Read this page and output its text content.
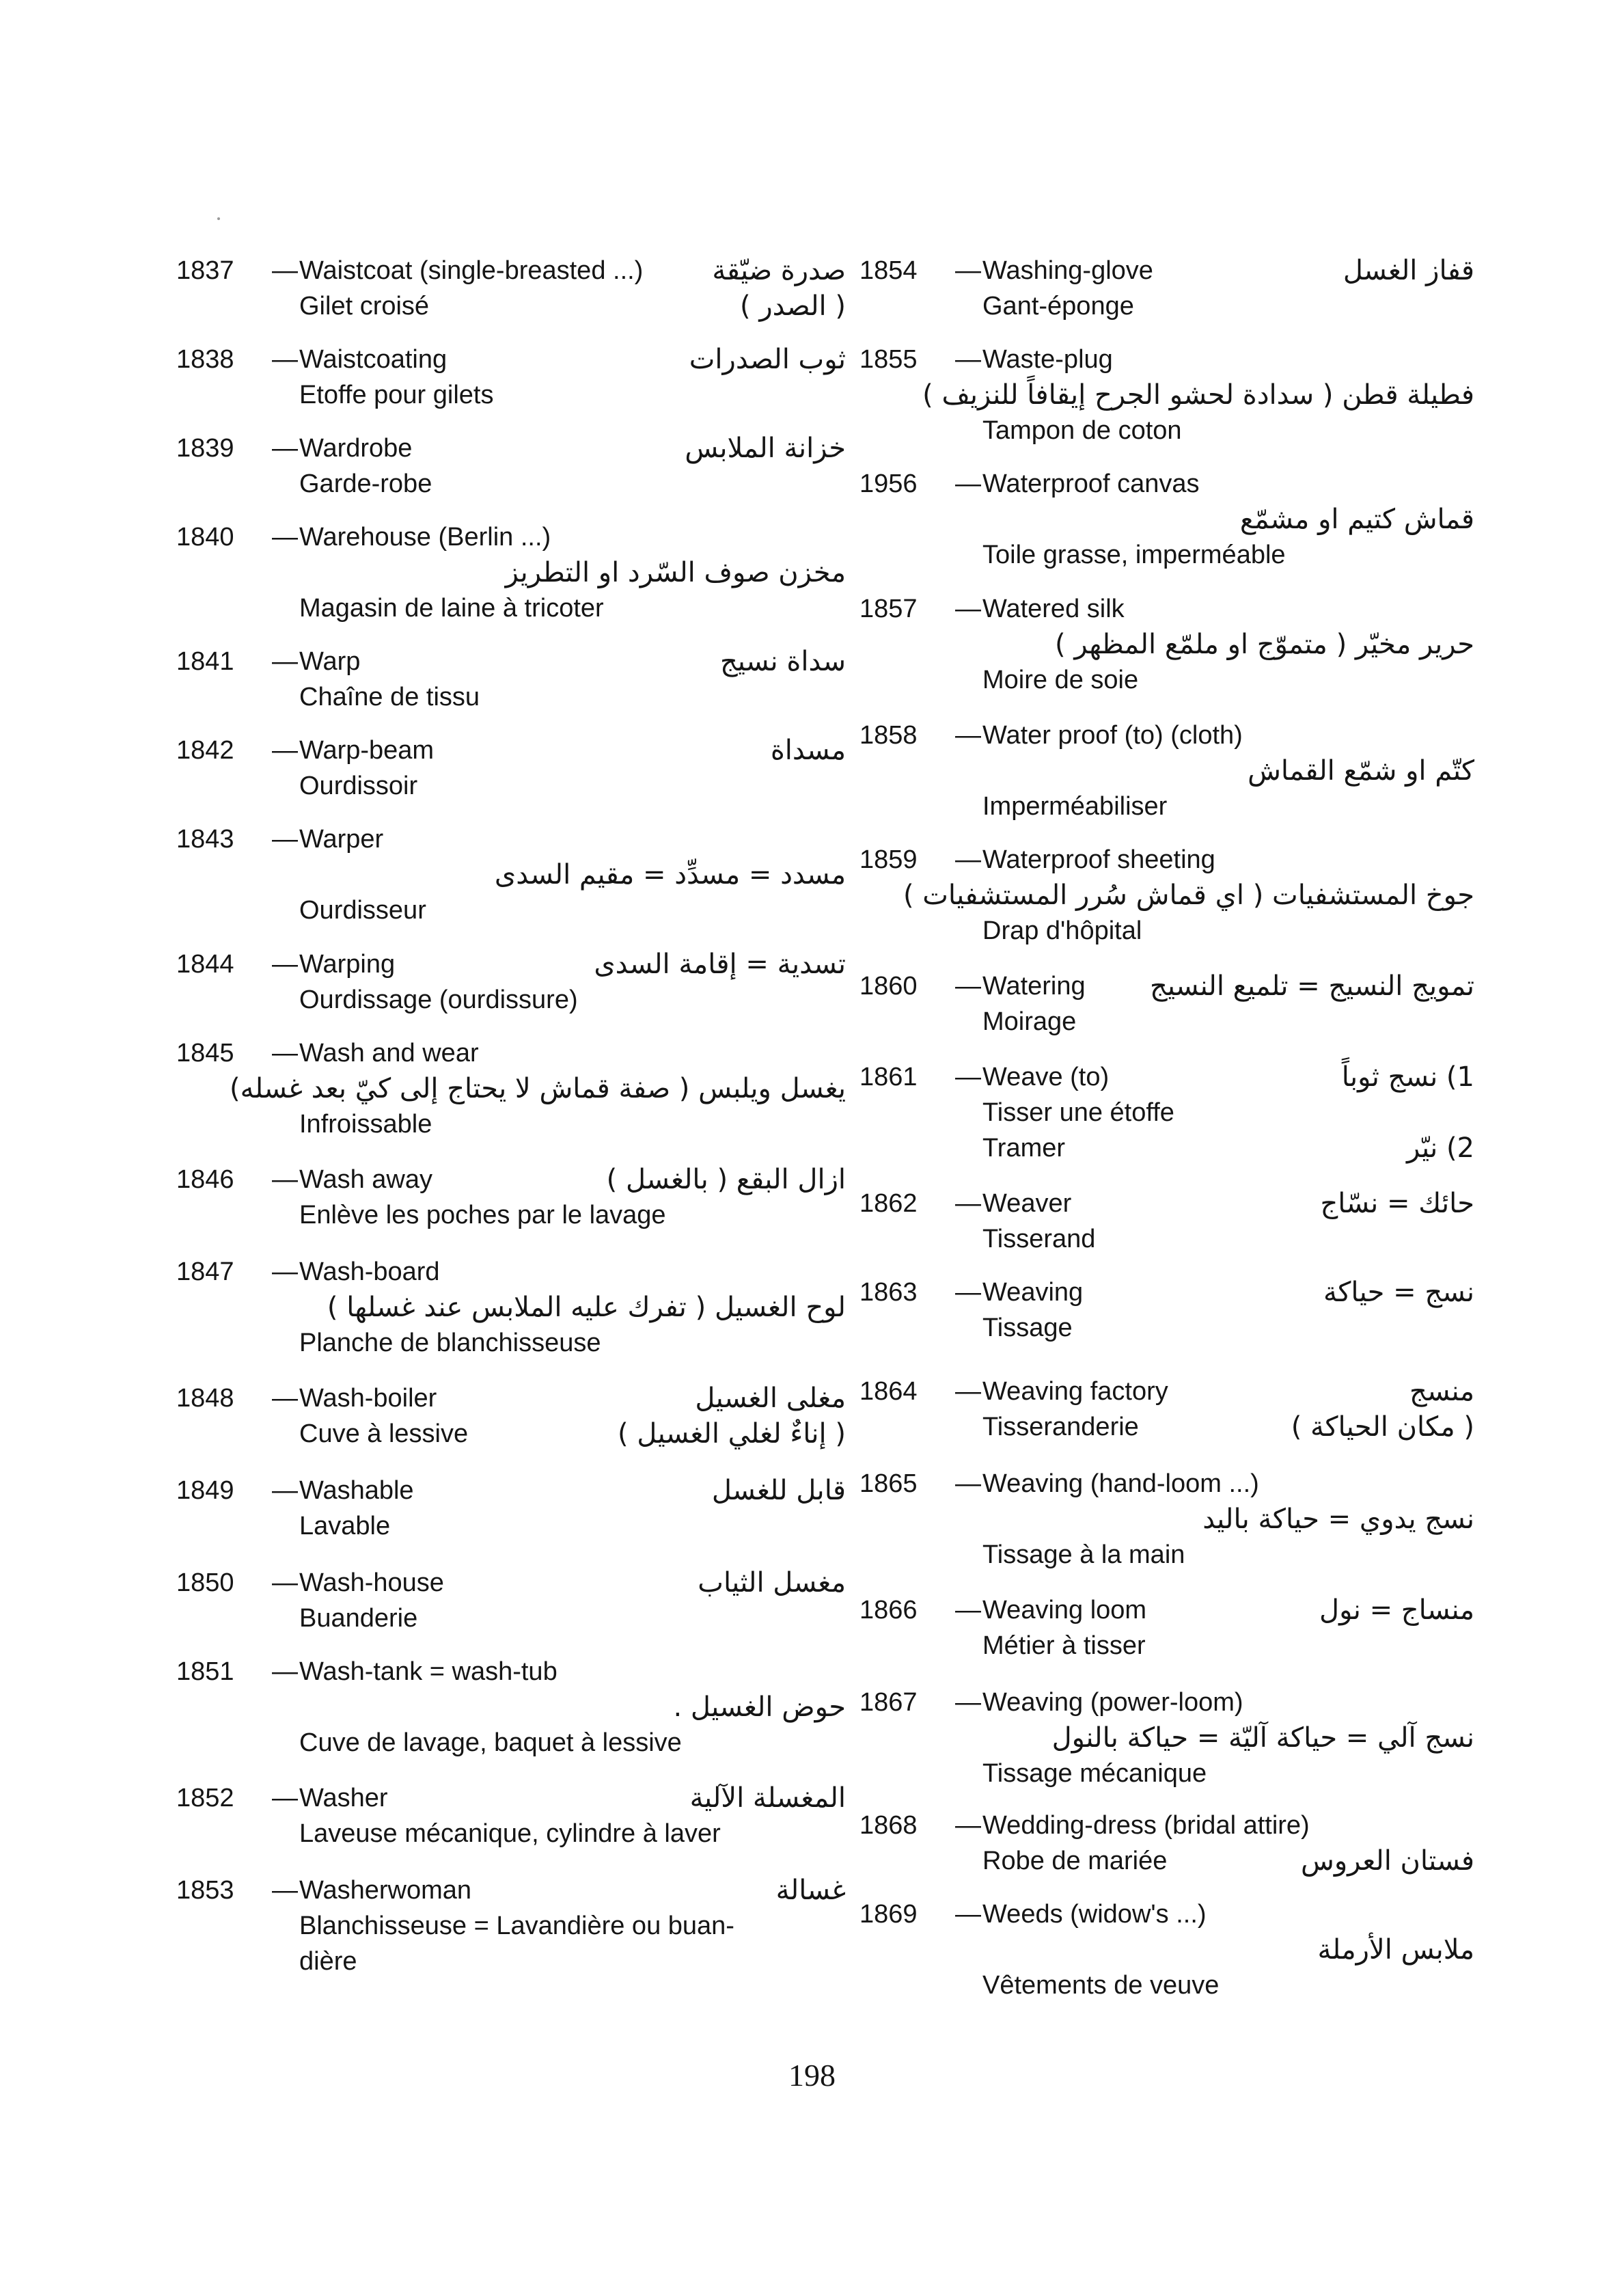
1837	— Waistcoat (single-breasted ...)	صدرة ضيّقة
Gilet croisé	( الصدر )
1838	— Waistcoating	ثوب الصدرات
Etoffe pour gilets
1839	— Wardrobe	خزانة الملابس
Garde-robe
1840	— Warehouse (Berlin ...)
مخزن صوف السّرد او التطريز
Magasin de laine à tricoter
1841	— Warp	سداة نسيج
Chaîne de tissu
1842	— Warp-beam	مسداة
Ourdissoir
1843	— Warper
مسدد = مسدِّد = مقيم السدى
Ourdisseur
1844	— Warping	تسدية = إقامة السدى
Ourdissage (ourdissure)
1845	— Wash and wear
يغسل ويلبس ( صفة قماش لا يحتاج إلى كيّ بعد غسله)
Infroissable
1846	— Wash away	ازال البقع ( بالغسل )
Enlève les poches par le lavage
1847	— Wash-board
لوح الغسيل ( تفرك عليه الملابس عند غسلها )
Planche de blanchisseuse
1848	— Wash-boiler	مغلى الغسيل
Cuve à lessive	( إناءٌ لغلي الغسيل )
1849	— Washable	قابل للغسل
Lavable
1850	— Wash-house	مغسل الثياب
Buanderie
1851	— Wash-tank = wash-tub
حوض الغسيل .
Cuve de lavage, baquet à lessive
1852	— Washer	المغسلة الآلية
Laveuse mécanique, cylindre à laver
1853	— Washerwoman	غسالة
Blanchisseuse = Lavandière ou buan-
dière
1854	— Washing-glove	قفاز الغسل
Gant-éponge
1855	— Waste-plug
فطيلة قطن ( سدادة لحشو الجرح إيقافاً للنزيف )
Tampon de coton
1956	— Waterproof canvas
قماش كتيم او مشمّع
Toile grasse, imperméable
1857	— Watered silk
حرير مخيّر ( متموّج او ملمّع المظهر )
Moire de soie
1858	— Water proof (to) (cloth)
كتّم او شمّع القماش
Imperméabiliser
1859	— Waterproof sheeting
جوخ المستشفيات ( اي قماش سُرر المستشفيات )
Drap d'hôpital
1860	— Watering تمويج النسيج = تلميع النسيج
Moirage
1861	— Weave (to)	1) نسج ثوباً
Tisser une étoffe
Tramer	2) نيّر
1862	— Weaver	حائك = نسّاج
Tisserand
1863	— Weaving	نسج = حياكة
Tissage
1864	— Weaving factory	منسج
Tisseranderie	( مكان الحياكة )
1865	— Weaving (hand-loom ...)
نسج يدوي = حياكة باليد
Tissage à la main
1866	— Weaving loom	منساج = نول
Métier à tisser
1867	— Weaving (power-loom)
نسج آلي = حياكة آليّة = حياكة بالنول
Tissage mécanique
1868	— Wedding-dress (bridal attire)
Robe de mariée	فستان العروس
1869	— Weeds (widow's ...)
ملابس الأرملة
Vêtements de veuve
198
